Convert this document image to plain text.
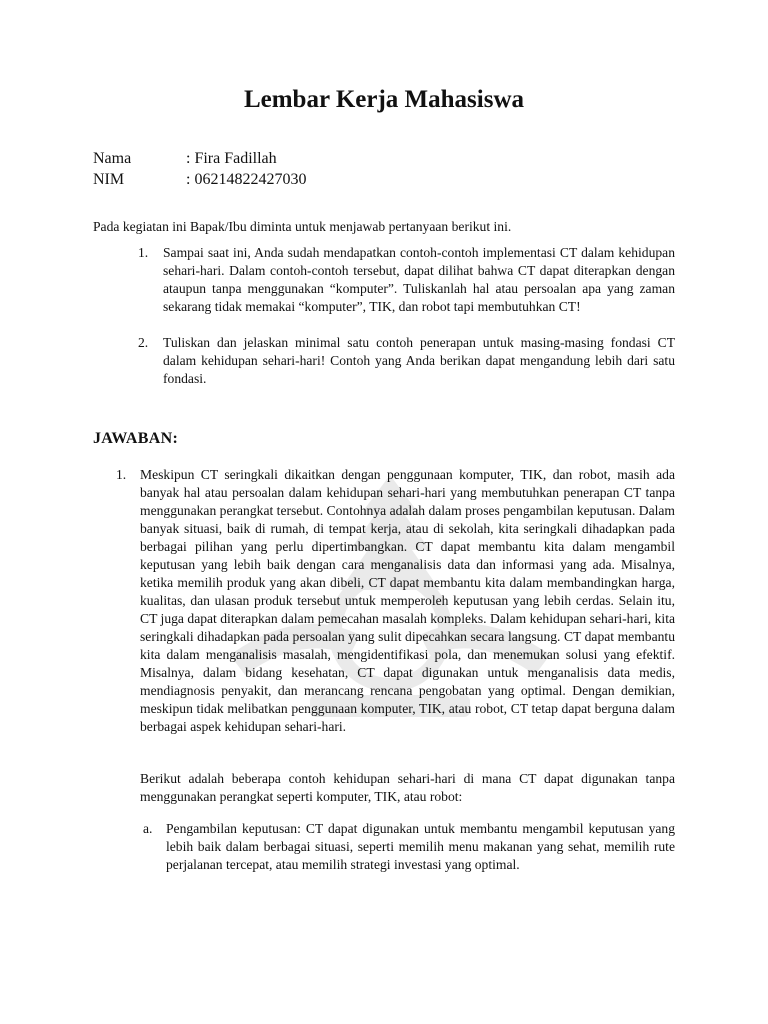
Lembar Kerja Mahasiswa
Nama	: Fira Fadillah
NIM	: 06214822427030

Pada kegiatan ini Bapak/Ibu diminta untuk menjawab pertanyaan berikut ini.

1. Sampai saat ini, Anda sudah mendapatkan contoh-contoh implementasi CT dalam kehidupan sehari-hari. Dalam contoh-contoh tersebut, dapat dilihat bahwa CT dapat diterapkan dengan ataupun tanpa menggunakan “komputer”. Tuliskanlah hal atau persoalan apa yang zaman sekarang tidak memakai “komputer”, TIK, dan robot tapi membutuhkan CT!
2. Tuliskan dan jelaskan minimal satu contoh penerapan untuk masing-masing fondasi CT dalam kehidupan sehari-hari! Contoh yang Anda berikan dapat mengandung lebih dari satu fondasi.
JAWABAN:
1. Meskipun CT seringkali dikaitkan dengan penggunaan komputer, TIK, dan robot, masih ada banyak hal atau persoalan dalam kehidupan sehari-hari yang membutuhkan penerapan CT tanpa menggunakan perangkat tersebut. Contohnya adalah dalam proses pengambilan keputusan. Dalam banyak situasi, baik di rumah, di tempat kerja, atau di sekolah, kita seringkali dihadapkan pada berbagai pilihan yang perlu dipertimbangkan. CT dapat membantu kita dalam mengambil keputusan yang lebih baik dengan cara menganalisis data dan informasi yang ada. Misalnya, ketika memilih produk yang akan dibeli, CT dapat membantu kita dalam membandingkan harga, kualitas, dan ulasan produk tersebut untuk memperoleh keputusan yang lebih cerdas. Selain itu, CT juga dapat diterapkan dalam pemecahan masalah kompleks. Dalam kehidupan sehari-hari, kita seringkali dihadapkan pada persoalan yang sulit dipecahkan secara langsung. CT dapat membantu kita dalam menganalisis masalah, mengidentifikasi pola, dan menemukan solusi yang efektif. Misalnya, dalam bidang kesehatan, CT dapat digunakan untuk menganalisis data medis, mendiagnosis penyakit, dan merancang rencana pengobatan yang optimal. Dengan demikian, meskipun tidak melibatkan penggunaan komputer, TIK, atau robot, CT tetap dapat berguna dalam berbagai aspek kehidupan sehari-hari.
Berikut adalah beberapa contoh kehidupan sehari-hari di mana CT dapat digunakan tanpa menggunakan perangkat seperti komputer, TIK, atau robot:
a. Pengambilan keputusan: CT dapat digunakan untuk membantu mengambil keputusan yang lebih baik dalam berbagai situasi, seperti memilih menu makanan yang sehat, memilih rute perjalanan tercepat, atau memilih strategi investasi yang optimal.
